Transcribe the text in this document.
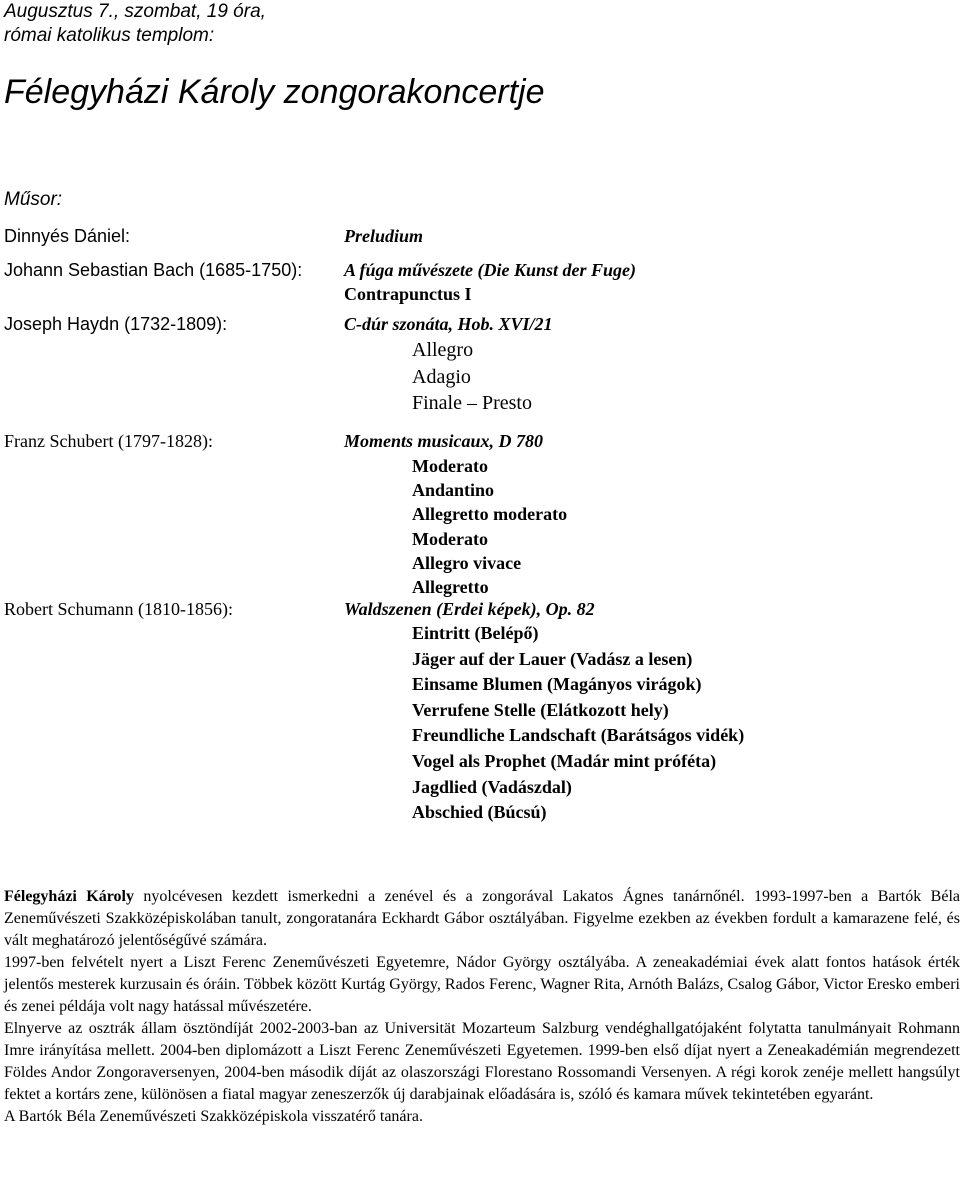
Augusztus 7., szombat, 19 óra,
római katolikus templom:
Félegyházi Károly zongorakoncertje
Műsor:
Dinnyés Dániel:	Preludium
Johann Sebastian Bach (1685-1750): A fúga művészete (Die Kunst der Fuge)
Contrapunctus I
Joseph Haydn (1732-1809):	C-dúr szonáta, Hob. XVI/21
Allegro
Adagio
Finale – Presto
Franz Schubert (1797-1828):	Moments musicaux, D 780
Moderato
Andantino
Allegretto moderato
Moderato
Allegro vivace
Allegretto
Robert Schumann (1810-1856):	Waldszenen (Erdei képek), Op. 82
Eintritt (Belépő)
Jäger auf der Lauer (Vadász a lesen)
Einsame Blumen (Magányos virágok)
Verrufene Stelle (Elátkozott hely)
Freundliche Landschaft (Barátságos vidék)
Vogel als Prophet (Madár mint próféta)
Jagdlied (Vadászdal)
Abschied (Búcsú)

Félegyházi Károly nyolcévesen kezdett ismerkedni a zenével és a zongorával Lakatos Ágnes tanárnőnél. 1993-1997-ben a Bartók Béla Zeneművészeti Szakközépiskolában tanult, zongoratanára Eckhardt Gábor osztályában. Figyelme ezekben az években fordult a kamarazene felé, és vált meghatározó jelentőségűvé számára.

1997-ben felvételt nyert a Liszt Ferenc Zeneművészeti Egyetemre, Nádor György osztályába. A zeneakadémiai évek alatt fontos hatások érték jelentős mesterek kurzusain és óráin. Többek között Kurtág György, Rados Ferenc, Wagner Rita, Arnóth Balázs, Csalog Gábor, Victor Eresko emberi és zenei példája volt nagy hatással művészetére.

Elnyerve az osztrák állam ösztöndíját 2002-2003-ban az Universität Mozarteum Salzburg vendéghallgatójaként folytatta tanulmányait Rohmann Imre irányítása mellett. 2004-ben diplomázott a Liszt Ferenc Zeneművészeti Egyetemen. 1999-ben első díjat nyert a Zeneakadémián megrendezett Földes Andor Zongoraversenyen, 2004-ben második díját az olaszországi Florestano Rossomandi Versenyen. A régi korok zenéje mellett hangsúlyt fektet a kortárs zene, különösen a fiatal magyar zeneszerzők új darabjainak előadására is, szóló és kamara művek tekintetében egyaránt.

A Bartók Béla Zeneművészeti Szakközépiskola visszatérő tanára.
